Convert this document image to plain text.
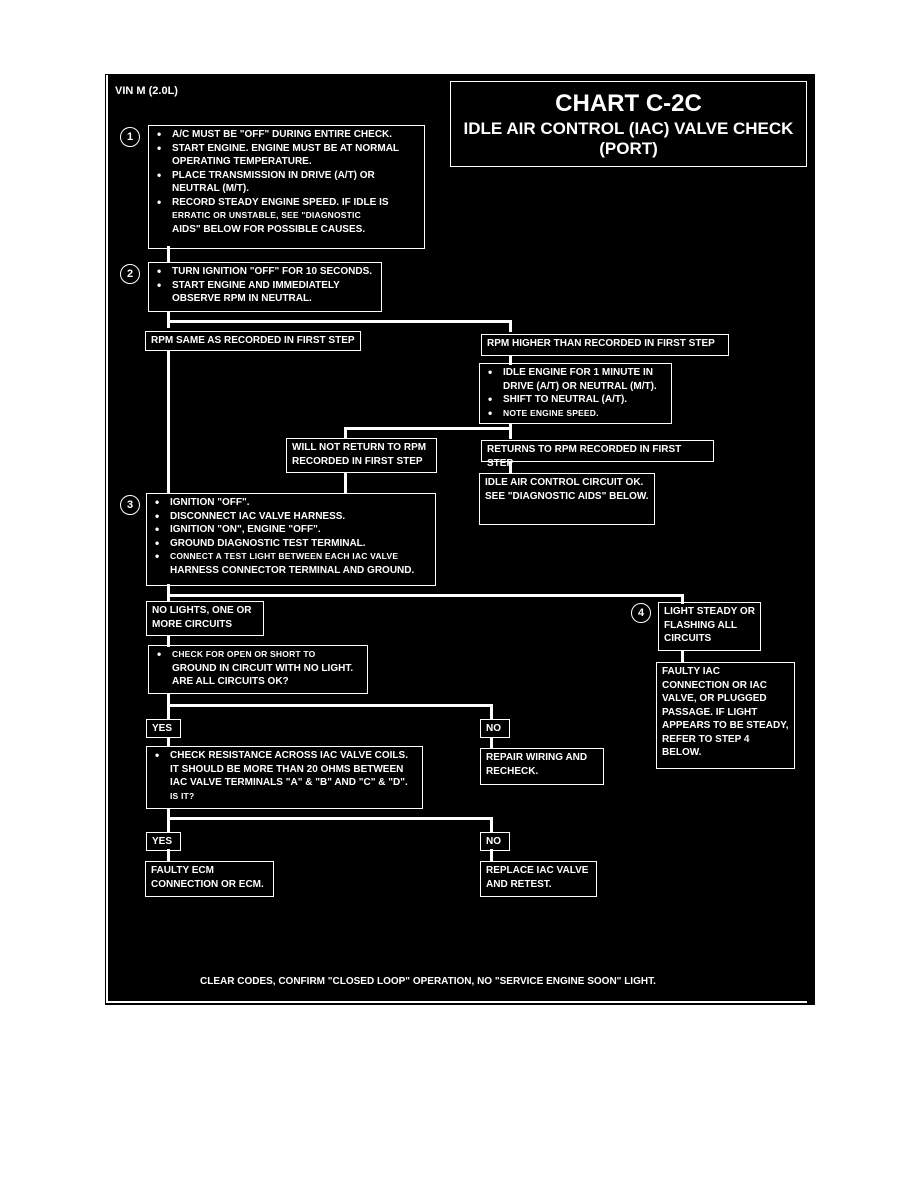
VIN M (2.0L)	CHART C-2C
IDLE AIR CONTROL (IAC) VALVE CHECK
(PORT)
1	• A/C MUST BE "OFF" DURING ENTIRE CHECK.
• START ENGINE. ENGINE MUST BE AT NORMAL OPERATING TEMPERATURE.
• PLACE TRANSMISSION IN DRIVE (A/T) OR NEUTRAL (M/T).
• RECORD STEADY ENGINE SPEED. IF IDLE IS
ERRATIC OR UNSTABLE, SEE "DIAGNOSTIC
AIDS" BELOW FOR POSSIBLE CAUSES.
2	• TURN IGNITION "OFF" FOR 10 SECONDS.
• START ENGINE AND IMMEDIATELY OBSERVE RPM IN NEUTRAL.
RPM SAME AS RECORDED IN FIRST STEP	RPM HIGHER THAN RECORDED IN FIRST STEP
• IDLE ENGINE FOR 1 MINUTE IN DRIVE (A/T) OR NEUTRAL (M/T).
• SHIFT TO NEUTRAL (A/T).
• NOTE ENGINE SPEED.
WILL NOT RETURN TO RPM RECORDED IN FIRST STEP
RETURNS TO RPM RECORDED IN FIRST STEP
IDLE AIR CONTROL CIRCUIT OK. SEE "DIAGNOSTIC AIDS" BELOW.
3	• IGNITION "OFF".
• DISCONNECT IAC VALVE HARNESS.
• IGNITION "ON", ENGINE "OFF".
• GROUND DIAGNOSTIC TEST TERMINAL.
• CONNECT A TEST LIGHT BETWEEN EACH IAC VALVE
HARNESS CONNECTOR TERMINAL AND GROUND.
NO LIGHTS, ONE OR MORE CIRCUITS
4	LIGHT STEADY OR FLASHING ALL CIRCUITS
FAULTY IAC CONNECTION OR IAC VALVE, OR PLUGGED PASSAGE. IF LIGHT APPEARS TO BE STEADY, REFER TO STEP 4 BELOW.
• CHECK FOR OPEN OR SHORT TO
GROUND IN CIRCUIT WITH NO LIGHT. ARE ALL CIRCUITS OK?
YES	NO
• CHECK RESISTANCE ACROSS IAC VALVE COILS. IT SHOULD BE MORE THAN 20 OHMS BETWEEN IAC VALVE TERMINALS "A" & "B" AND "C" & "D".
IS IT?
REPAIR WIRING AND RECHECK.
YES	NO
FAULTY ECM CONNECTION OR ECM.
REPLACE IAC VALVE AND RETEST.
CLEAR CODES, CONFIRM "CLOSED LOOP" OPERATION, NO "SERVICE ENGINE SOON" LIGHT.
